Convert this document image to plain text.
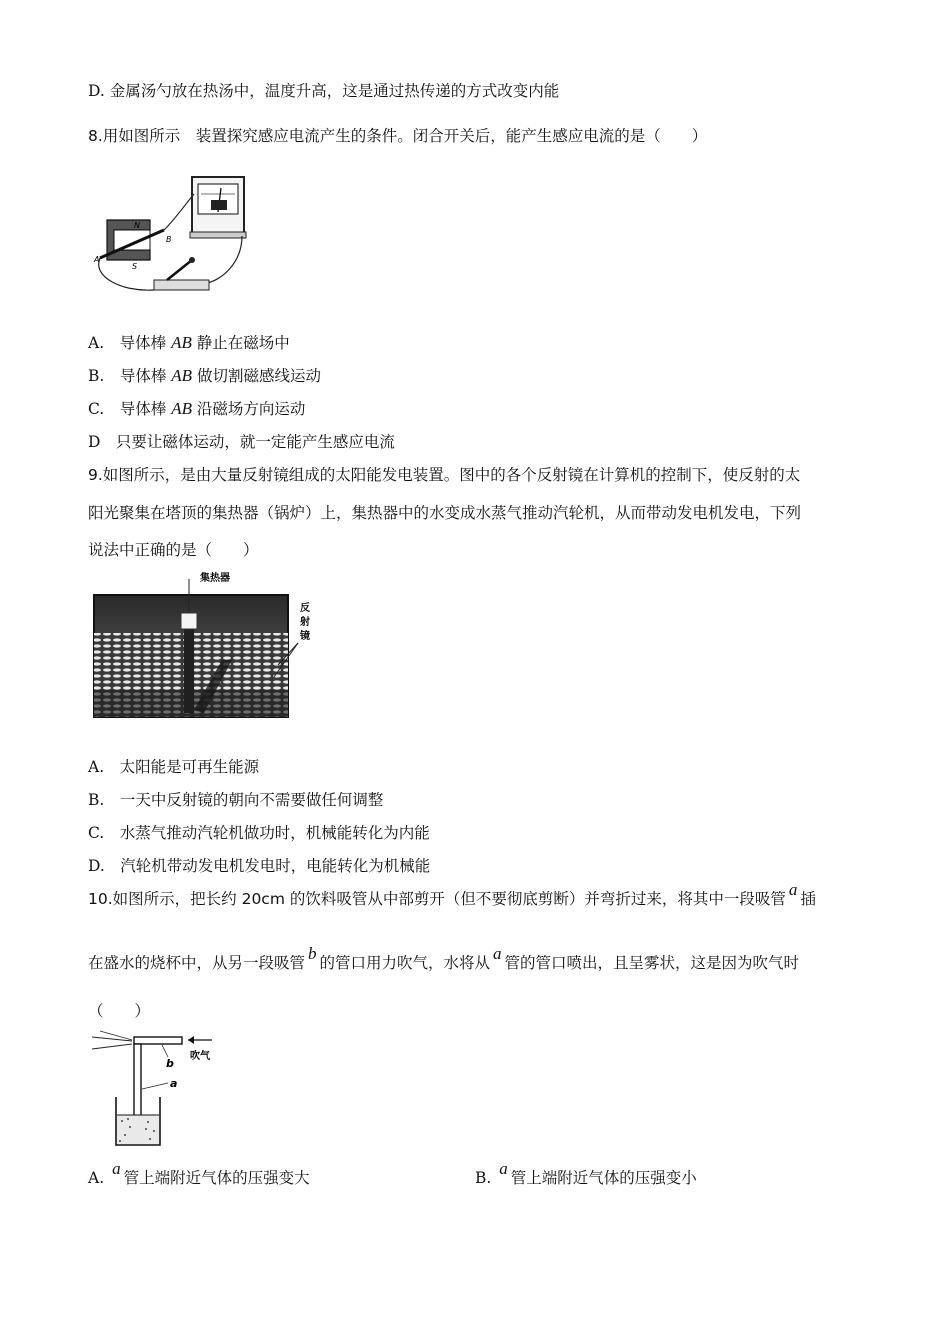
D. 金属汤勺放在热汤中，温度升高，这是通过热传递的方式改变内能
8.用如图所示　装置探究感应电流产生的条件。闭合开关后，能产生感应电流的是（　　）
N
S
A
B
A.　导体棒 AB 静止在磁场中
B.　导体棒 AB 做切割磁感线运动
C.　导体棒 AB 沿磁场方向运动
D　只要让磁体运动，就一定能产生感应电流
9.如图所示，是由大量反射镜组成的太阳能发电装置。图中的各个反射镜在计算机的控制下，使反射的太
阳光聚集在塔顶的集热器（锅炉）上，集热器中的水变成水蒸气推动汽轮机，从而带动发电机发电，下列
说法中正确的是（　　）
集热器
反 射 镜
A.　太阳能是可再生能源
B.　一天中反射镜的朝向不需要做任何调整
C.　水蒸气推动汽轮机做功时，机械能转化为内能
D.　汽轮机带动发电机发电时，电能转化为机械能
10.如图所示，把长约 20cm 的饮料吸管从中部剪开（但不要彻底剪断）并弯折过来，将其中一段吸管 a 插
在盛水的烧杯中，从另一段吸管 b 的管口用力吹气，水将从 a 管的管口喷出，且呈雾状，这是因为吹气时
（　　）
b
吹气
a
A. a 管上端附近气体的压强变大	B. a 管上端附近气体的压强变小
